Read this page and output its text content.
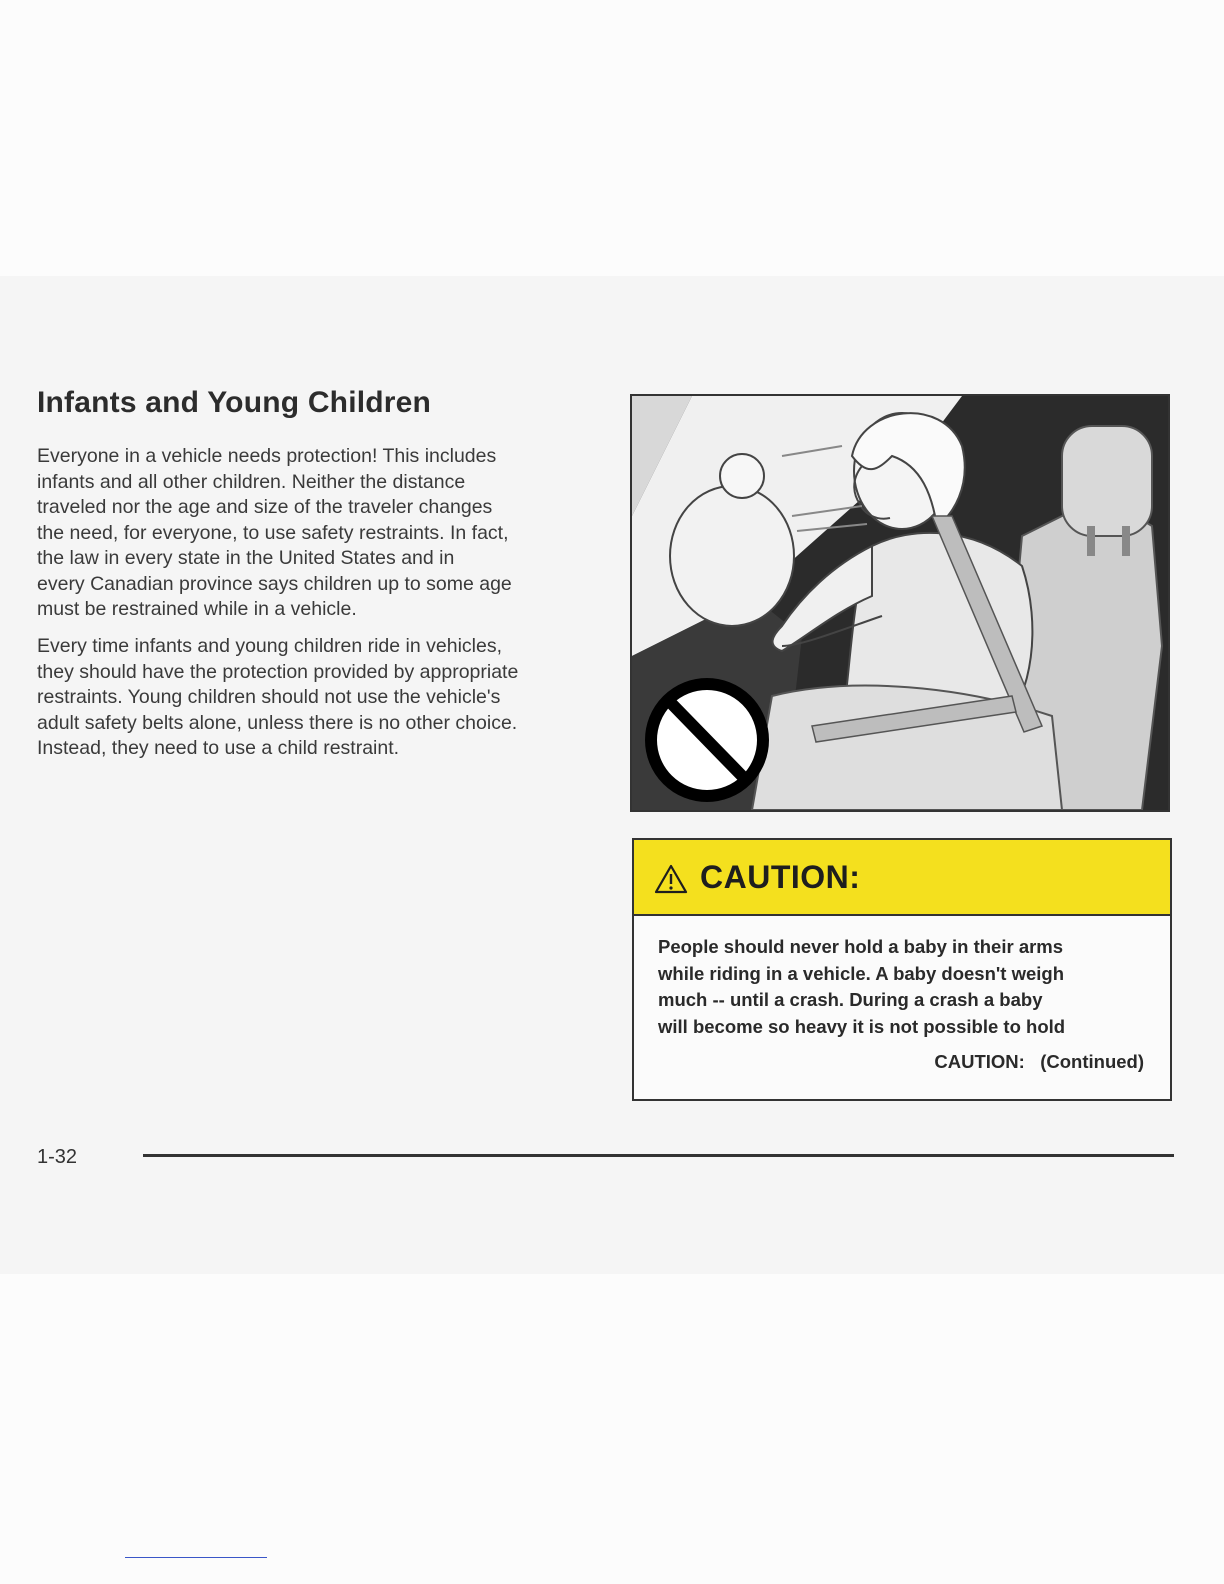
Infants and Young Children

Everyone in a vehicle needs protection! This includes
infants and all other children. Neither the distance
traveled nor the age and size of the traveler changes
the need, for everyone, to use safety restraints. In fact,
the law in every state in the United States and in
every Canadian province says children up to some age
must be restrained while in a vehicle.

Every time infants and young children ride in vehicles,
they should have the protection provided by appropriate
restraints. Young children should not use the vehicle's
adult safety belts alone, unless there is no other choice.
Instead, they need to use a child restraint.

CAUTION:
People should never hold a baby in their arms
while riding in a vehicle. A baby doesn't weigh
much -- until a crash. During a crash a baby
will become so heavy it is not possible to hold
CAUTION:   (Continued)
1-32
